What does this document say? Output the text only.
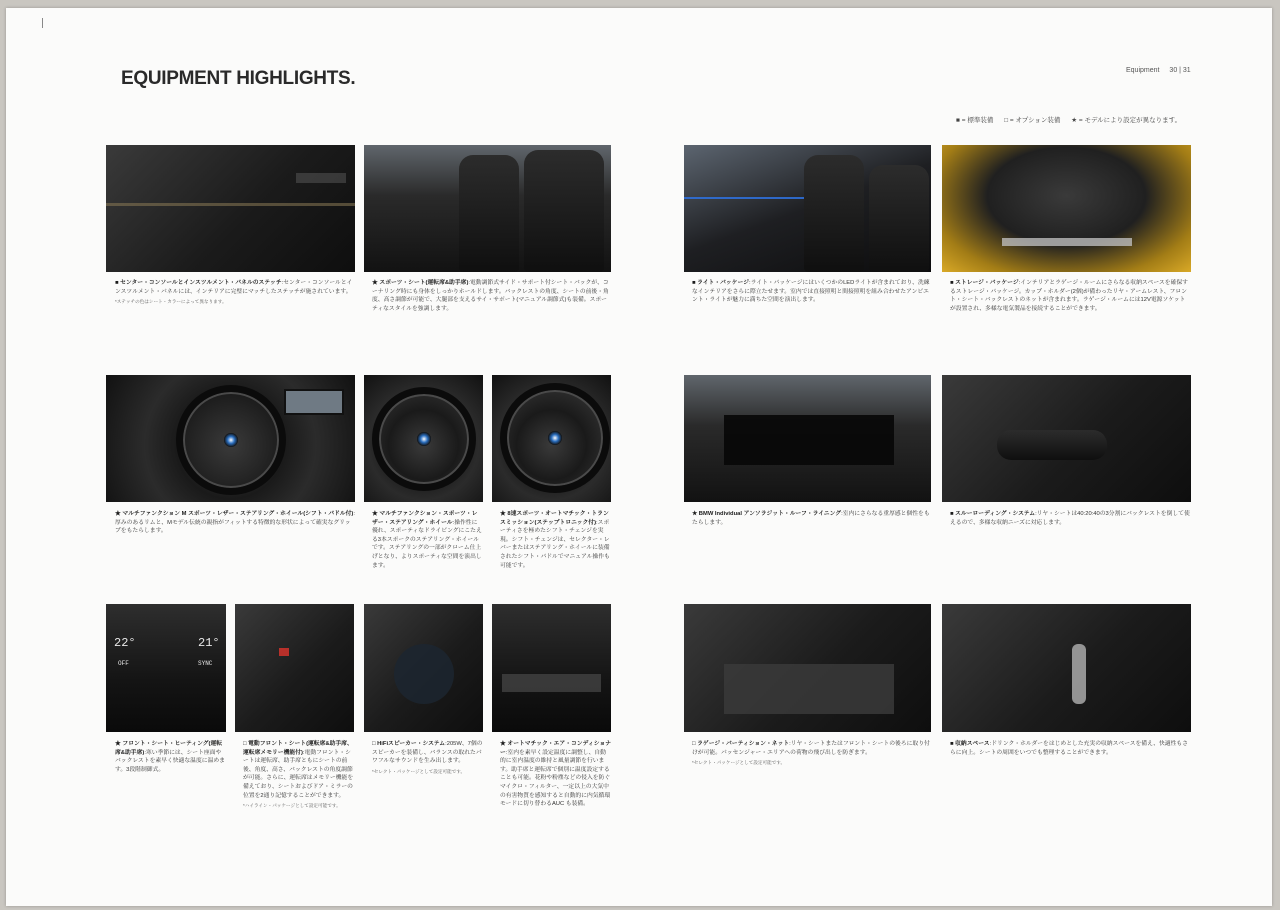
EQUIPMENT HIGHLIGHTS.	Equipment 30 | 31
■ = 標準装備 □ = オプション装備 ★ = モデルにより設定が異なります。
■ センター・コンソールとインスツルメント・パネルのステッチ:センター・コンソールとインスツルメント・パネルには、インテリアに完璧にマッチしたステッチが施されています。
*ステッチの色はシート・カラーによって異なります。
★ スポーツ・シート(運転席&助手席):電動調節式サイド・サポート付シート・バックが、コーナリング時にも身体をしっかりホールドします。バックレストの角度、シートの前後・角度、高さ調節が可能で、大腿部を支えるサイ・サポート(マニュアル調節式)も装備。スポーティなスタイルを強調します。
■ ライト・パッケージ:ライト・パッケージにはいくつかのLEDライトが含まれており、洗練なインテリアをさらに際立たせます。室内では直接照明と間接照明を組み合わせたアンビエント・ライトが魅力に満ちた空間を演出します。
■ ストレージ・パッケージ:インテリアとラゲージ・ルームにさらなる収納スペースを確保するストレージ・パッケージ。カップ・ホルダー(2個)が備わったリヤ・アームレスト、フロント・シート・バックレストのネットが含まれます。ラゲージ・ルームには12V電源ソケットが設置され、多様な電気製品を接続することができます。
★ マルチファンクション M スポーツ・レザー・ステアリング・ホイール(シフト・パドル付):厚みのあるリムと、Mモデル伝統の親指がフィットする特徴的な形状によって確実なグリップをもたらします。
★ マルチファンクション・スポーツ・レザー・ステアリング・ホイール:操作性に優れ、スポーティなドライビングにこたえる3本スポークのステアリング・ホイールです。ステアリングの一部がクローム仕上げとなり、よりスポーティな空間を演出します。
★ 8速スポーツ・オートマチック・トランスミッション(ステップトロニック付):スポーティさを極めたシフト・チェンジを実現。シフト・チェンジは、セレクター・レバーまたはステアリング・ホイールに装備されたシフト・パドルでマニュアル操作も可能です。
★ BMW Individual アンソラジット・ルーフ・ライニング:室内にさらなる重厚感と個性をもたらします。
■ スルーローディング・システム:リヤ・シートは40:20:40の3分割にバックレストを倒して使えるので、多様な収納ニーズに対応します。
22°	21°
OFF	SYNC
★ フロント・シート・ヒーティング(運転席&助手席):寒い季節には、シート座面やバックレストを素早く快適な温度に温めます。3段階制御式。
□ 電動フロント・シート(運転席&助手席、運転席メモリー機能付):電動フロント・シートは運転席、助手席ともにシートの前後、角度、高さ、バックレストの角度調節が可能。さらに、運転席はメモリー機能を備えており、シートおよびドア・ミラーの位置を2通り記憶することができます。
*ハイライン・パッケージとして設定可能です。
□ HiFiスピーカー・システム:205W、7個のスピーカーを装備し、バランスの取れたパワフルなサウンドを生み出します。
*セレクト・パッケージとして設定可能です。
★ オートマチック・エア・コンディショナー:室内を素早く設定温度に調整し、自動的に室内温度の維持と風量調節を行います。助手席と運転席で個別に温度設定することも可能。花粉や粉塵などの侵入を防ぐマイクロ・フィルター、一定以上の大気中の有害物質を感知すると自動的に内気循環モードに切り替わるAUC も装備。
□ ラゲージ・パーティション・ネット:リヤ・シートまたはフロント・シートの後ろに取り付けが可能。パッセンジャー・エリアへの荷物の飛び出しを防ぎます。
*セレクト・パッケージとして設定可能です。
■ 収納スペース:ドリンク・ホルダーをはじめとした充実の収納スペースを備え、快適性もさらに向上。シートの周囲をいつでも整理することができます。
